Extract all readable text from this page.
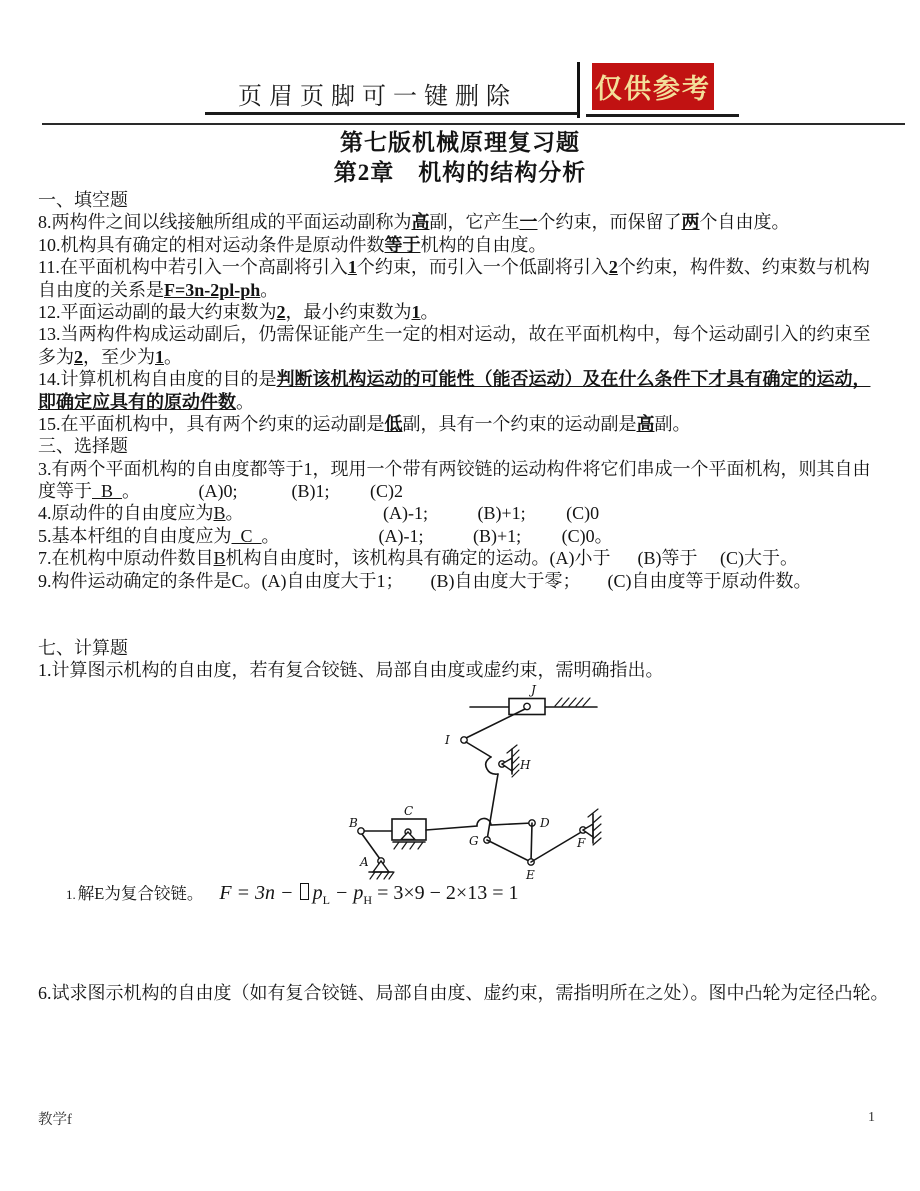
页眉页脚可一键删除	仅供参考
第七版机械原理复习题
第2章　机构的结构分析
一、填空题
8.两构件之间以线接触所组成的平面运动副称为高副，它产生一个约束，而保留了两个自由度。
10.机构具有确定的相对运动条件是原动件数等于机构的自由度。
11.在平面机构中若引入一个高副将引入1个约束，而引入一个低副将引入2个约束，构件数、约束数与机构
自由度的关系是F=3n-2pl-ph。
12.平面运动副的最大约束数为2，最小约束数为1。
13.当两构件构成运动副后，仍需保证能产生一定的相对运动，故在平面机构中，每个运动副引入的约束至
多为2，至少为1。
14.计算机机构自由度的目的是判断该机构运动的可能性（能否运动）及在什么条件下才具有确定的运动，
即确定应具有的原动件数。
15.在平面机构中，具有两个约束的运动副是低副，具有一个约束的运动副是高副。
三、选择题
3.有两个平面机构的自由度都等于1，现用一个带有两铰链的运动构件将它们串成一个平面机构，则其自由
度等于  B  。             (A)0;            (B)1;         (C)2
4.原动件的自由度应为B。                               (A)-1;           (B)+1;         (C)0
5.基本杆组的自由度应为  C  。                      (A)-1;           (B)+1;         (C)0。
7.在机构中原动件数目B机构自由度时，该机构具有确定的运动。(A)小于      (B)等于     (C)大于。
9.构件运动确定的条件是C。(A)自由度大于1；      (B)自由度大于零；      (C)自由度等于原动件数。
七、计算题
1.计算图示机构的自由度，若有复合铰链、局部自由度或虚约束，需明确指出。
J
I
H
B
A
C
G
D
E
F
1. 解E为复合铰链。 $F = 3n - p_L - p_H = 3\times 9 - 2\times 13 = 1$
6.试求图示机构的自由度（如有复合铰链、局部自由度、虚约束，需指明所在之处）。图中凸轮为定径凸轮。
教学f	1
